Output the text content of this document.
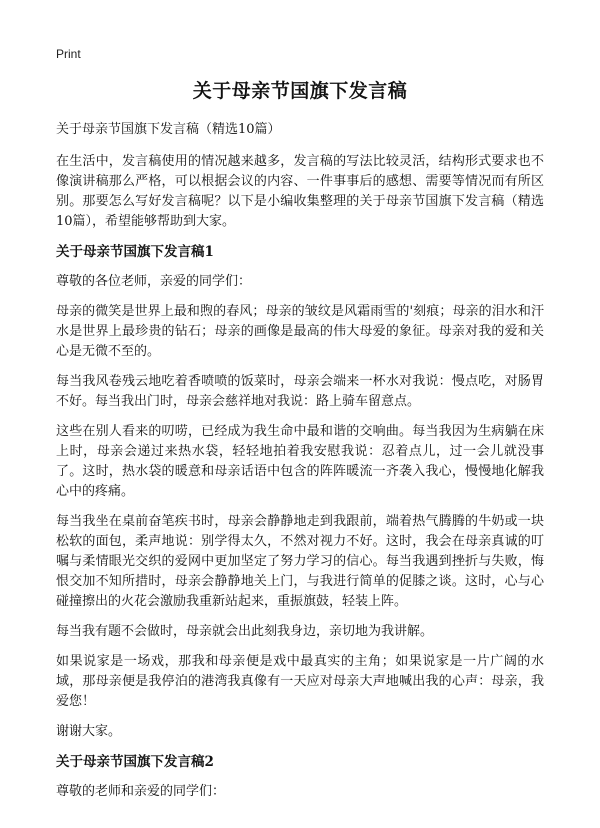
Print
关于母亲节国旗下发言稿

关于母亲节国旗下发言稿（精选10篇）

在生活中，发言稿使用的情况越来越多，发言稿的写法比较灵活，结构形式要求也不像演讲稿那么严格，可以根据会议的内容、一件事事后的感想、需要等情况而有所区别。那要怎么写好发言稿呢？以下是小编收集整理的关于母亲节国旗下发言稿（精选10篇），希望能够帮助到大家。

关于母亲节国旗下发言稿1

尊敬的各位老师，亲爱的同学们：

母亲的微笑是世界上最和煦的春风；母亲的皱纹是风霜雨雪的'刻痕；母亲的泪水和汗水是世界上最珍贵的钻石；母亲的画像是最高的伟大母爱的象征。母亲对我的爱和关心是无微不至的。

每当我风卷残云地吃着香喷喷的饭菜时，母亲会端来一杯水对我说：慢点吃，对肠胃不好。每当我出门时，母亲会慈祥地对我说：路上骑车留意点。

这些在别人看来的叨唠，已经成为我生命中最和谐的交响曲。每当我因为生病躺在床上时，母亲会递过来热水袋，轻轻地拍着我安慰我说：忍着点儿，过一会儿就没事了。这时，热水袋的暖意和母亲话语中包含的阵阵暖流一齐袭入我心，慢慢地化解我心中的疼痛。

每当我坐在桌前奋笔疾书时，母亲会静静地走到我跟前，端着热气腾腾的牛奶或一块松软的面包，柔声地说：别学得太久，不然对视力不好。这时，我会在母亲真诚的叮嘱与柔情眼光交织的爱网中更加坚定了努力学习的信心。每当我遇到挫折与失败，悔恨交加不知所措时，母亲会静静地关上门，与我进行简单的促膝之谈。这时，心与心碰撞擦出的火花会激励我重新站起来，重振旗鼓，轻装上阵。

每当我有题不会做时，母亲就会出此刻我身边，亲切地为我讲解。

如果说家是一场戏，那我和母亲便是戏中最真实的主角；如果说家是一片广阔的水域，那母亲便是我停泊的港湾我真像有一天应对母亲大声地喊出我的心声：母亲，我爱您！

谢谢大家。

关于母亲节国旗下发言稿2

尊敬的老师和亲爱的同学们：
